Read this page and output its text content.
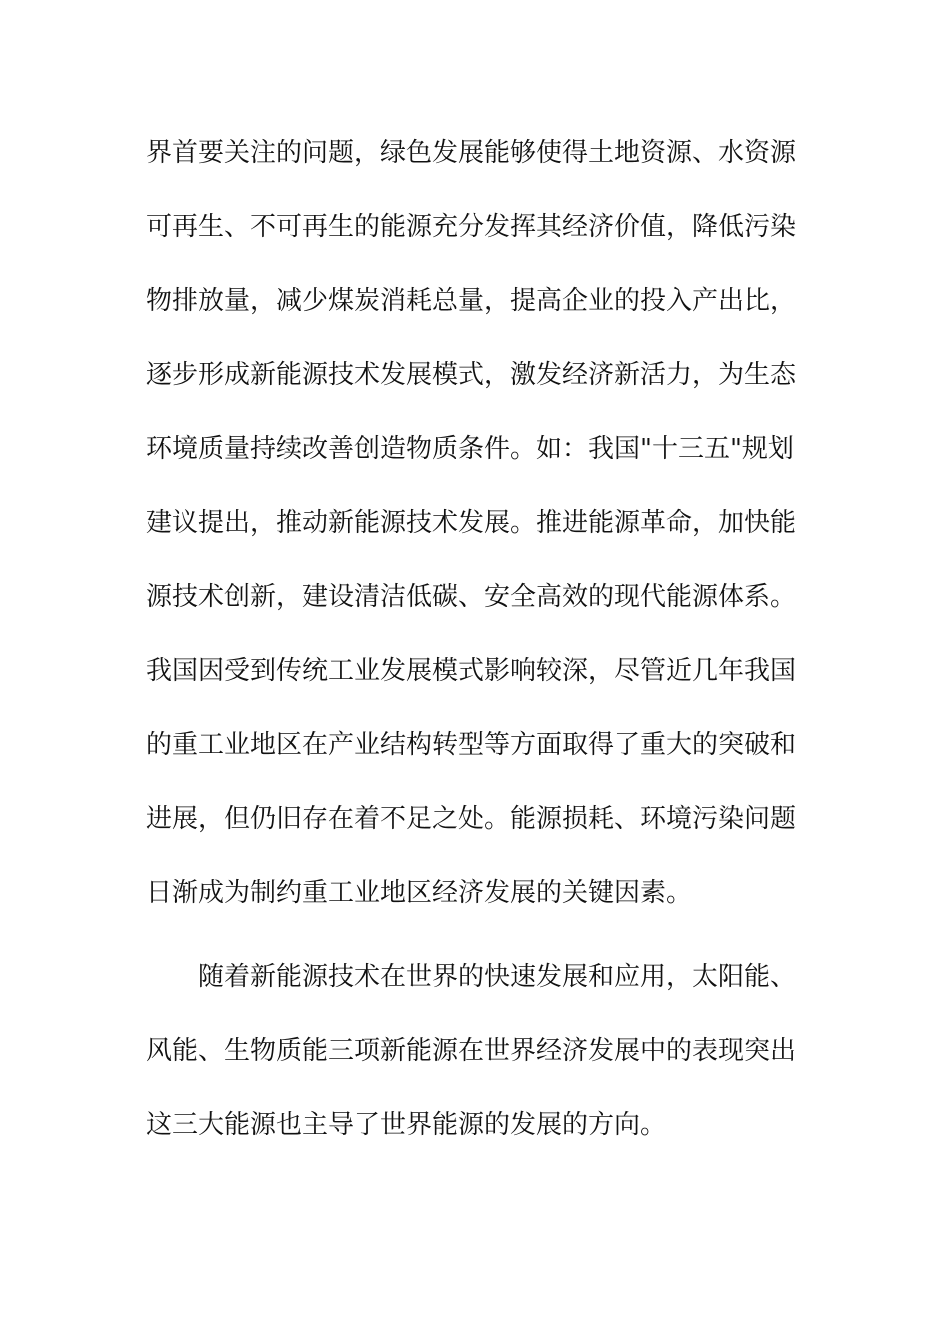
界首要关注的问题，绿色发展能够使得土地资源、水资源
可再生、不可再生的能源充分发挥其经济价值，降低污染
物排放量，减少煤炭消耗总量，提高企业的投入产出比，
逐步形成新能源技术发展模式，激发经济新活力，为生态
环境质量持续改善创造物质条件。如：我国"十三五"规划
建议提出，推动新能源技术发展。推进能源革命，加快能
源技术创新，建设清洁低碳、安全高效的现代能源体系。
我国因受到传统工业发展模式影响较深，尽管近几年我国
的重工业地区在产业结构转型等方面取得了重大的突破和
进展，但仍旧存在着不足之处。能源损耗、环境污染问题
日渐成为制约重工业地区经济发展的关键因素。
随着新能源技术在世界的快速发展和应用，太阳能、
风能、生物质能三项新能源在世界经济发展中的表现突出
这三大能源也主导了世界能源的发展的方向。
